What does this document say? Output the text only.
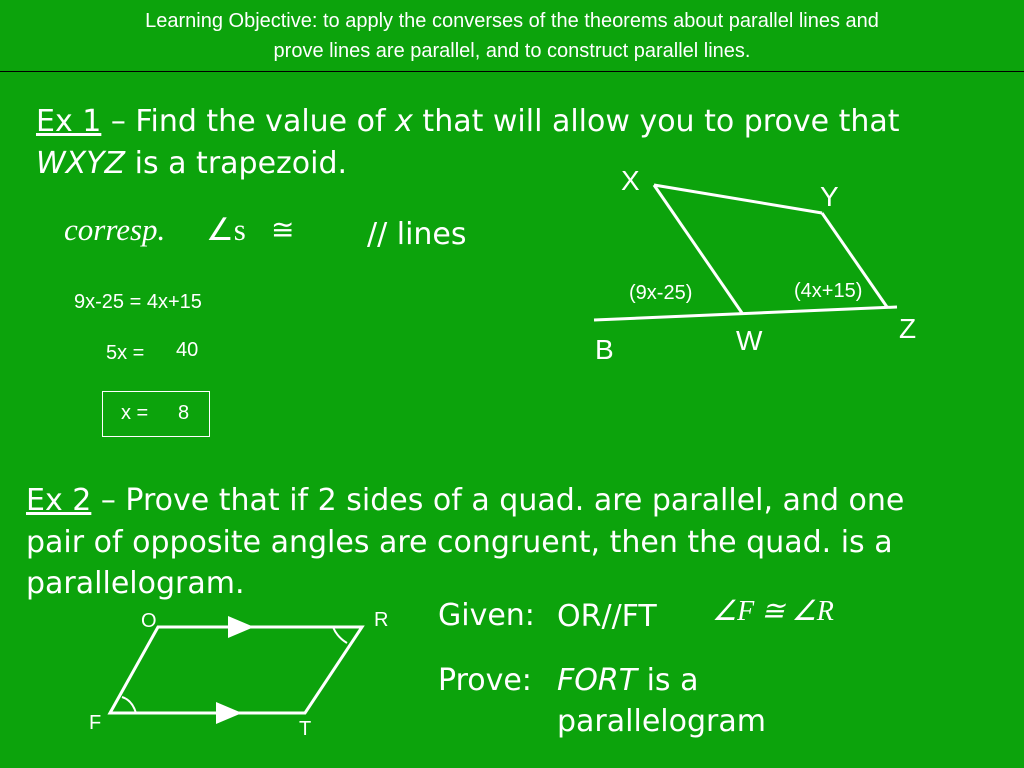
Learning Objective: to apply the converses of the theorems about parallel lines and
prove lines are parallel, and to construct parallel lines.
Ex 1 – Find the value of x that will allow you to prove that
WXYZ is a trapezoid.
corresp. ∠s ≅ // lines
9x-25 = 4x+15
5x = 40
x = 8
X
Y
Z
W
B
(9x-25)	(4x+15)
Ex 2 – Prove that if 2 sides of a quad. are parallel, and one
pair of opposite angles are congruent, then the quad. is a
parallelogram.
O	R
F	T
Given: OR//FT ∠F ≅ ∠R
Prove: FORT is a
parallelogram
